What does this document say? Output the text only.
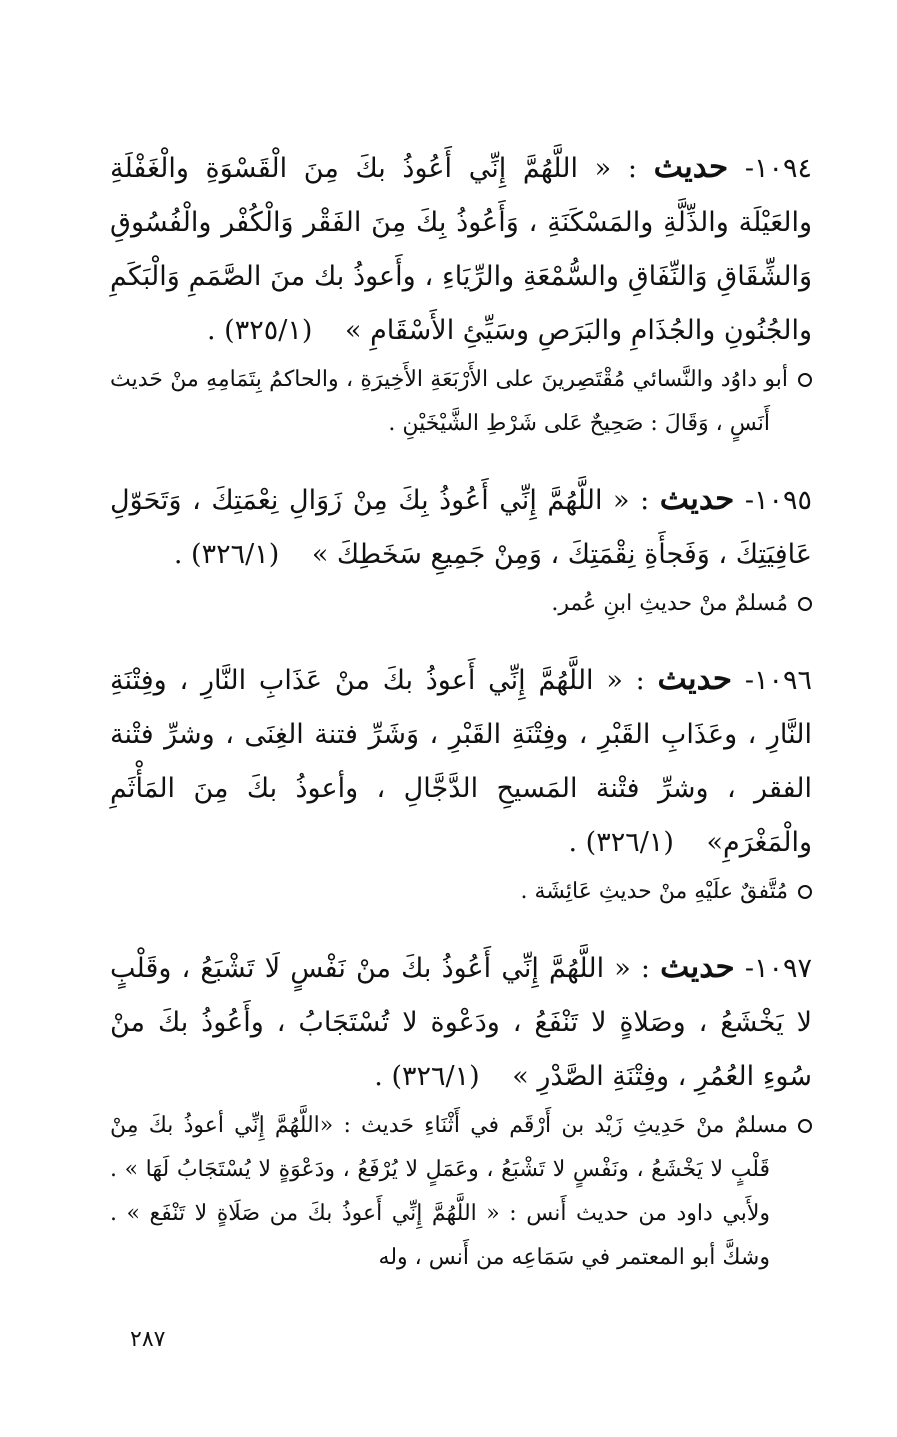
١٠٩٤- حديث : « اللَّهُمَّ إِنِّي أَعُوذُ بكَ مِنَ الْقَسْوَةِ والْغَفْلَةِ والعَيْلَة والذِّلَّةِ والمَسْكَنَةِ ، وَأَعُوذُ بِكَ مِنَ الفَقْر وَالْكُفْر والْفُسُوقِ وَالشِّقَاقِ وَالنِّفَاقِ والسُّمْعَةِ والرِّيَاءِ ، وأَعوذُ بك منَ الصَّمَمِ وَالْبَكَمِ والجُنُونِ والجُذَامِ والبَرَصِ وسَيِّئِ الأَسْقَامِ » (٣٢٥/١) .

أبو داوُد والنَّسائي مُقْتَصِرينَ على الأَرْبَعَةِ الأَخِيرَةِ ، والحاكمُ بِتَمَامِهِ منْ حَديث أَنَسٍ ، وَقَالَ : صَحِيحٌ عَلى شَرْطِ الشَّيْخَيْنِ .

١٠٩٥- حديث : « اللَّهُمَّ إِنِّي أَعُوذُ بِكَ مِنْ زَوَالِ نِعْمَتِكَ ، وَتَحَوّلِ عَافِيَتِكَ ، وَفَجأَةِ نِقْمَتِكَ ، وَمِنْ جَمِيعِ سَخَطِكَ » (٣٢٦/١) .

مُسلمٌ منْ حديثِ ابنِ عُمر.

١٠٩٦- حديث : « اللَّهُمَّ إِنِّي أَعوذُ بكَ منْ عَذَابِ النَّارِ ، وفِتْنَةِ النَّارِ ، وعَذَابِ القَبْرِ ، وفِتْنَةِ القَبْرِ ، وَشَرِّ فتنة الغِنَى ، وشرِّ فتْنة الفقر ، وشرِّ فتْنة المَسيحِ الدَّجَّالِ ، وأعوذُ بكَ مِنَ المَأْثَمِ والْمَغْرَمِ» (٣٢٦/١) .

مُتَّفقٌ علَيْهِ منْ حديثِ عَائِشَة .

١٠٩٧- حديث : « اللَّهُمَّ إِنِّي أَعُوذُ بكَ منْ نَفْسٍ لَا تَشْبَعُ ، وقَلْبٍ لا يَخْشَعُ ، وصَلاةٍ لا تَنْفَعُ ، ودَعْوة لا تُسْتَجَابُ ، وأَعُوذُ بكَ منْ سُوءِ العُمُرِ ، وفِتْنَةِ الصَّدْرِ » (٣٢٦/١) .

مسلمٌ منْ حَدِيثِ زَيْد بن أَرْقَم في أَثْنَاءِ حَديث : «اللَّهُمَّ إِنِّي أعوذُ بكَ مِنْ قَلْبٍ لا يَخْشَعُ ، ونَفْسٍ لا تَشْبَعُ ، وعَمَلٍ لا يُرْفَعُ ، ودَعْوَةٍ لا يُسْتَجَابُ لَهَا » . ولأَبي داود من حديث أَنس : « اللَّهُمَّ إِنِّي أَعوذُ بكَ من صَلَاةٍ لا تَنْفَع » . وشكَّ أبو المعتمر في سَمَاعِه من أَنس ، وله

٢٨٧
